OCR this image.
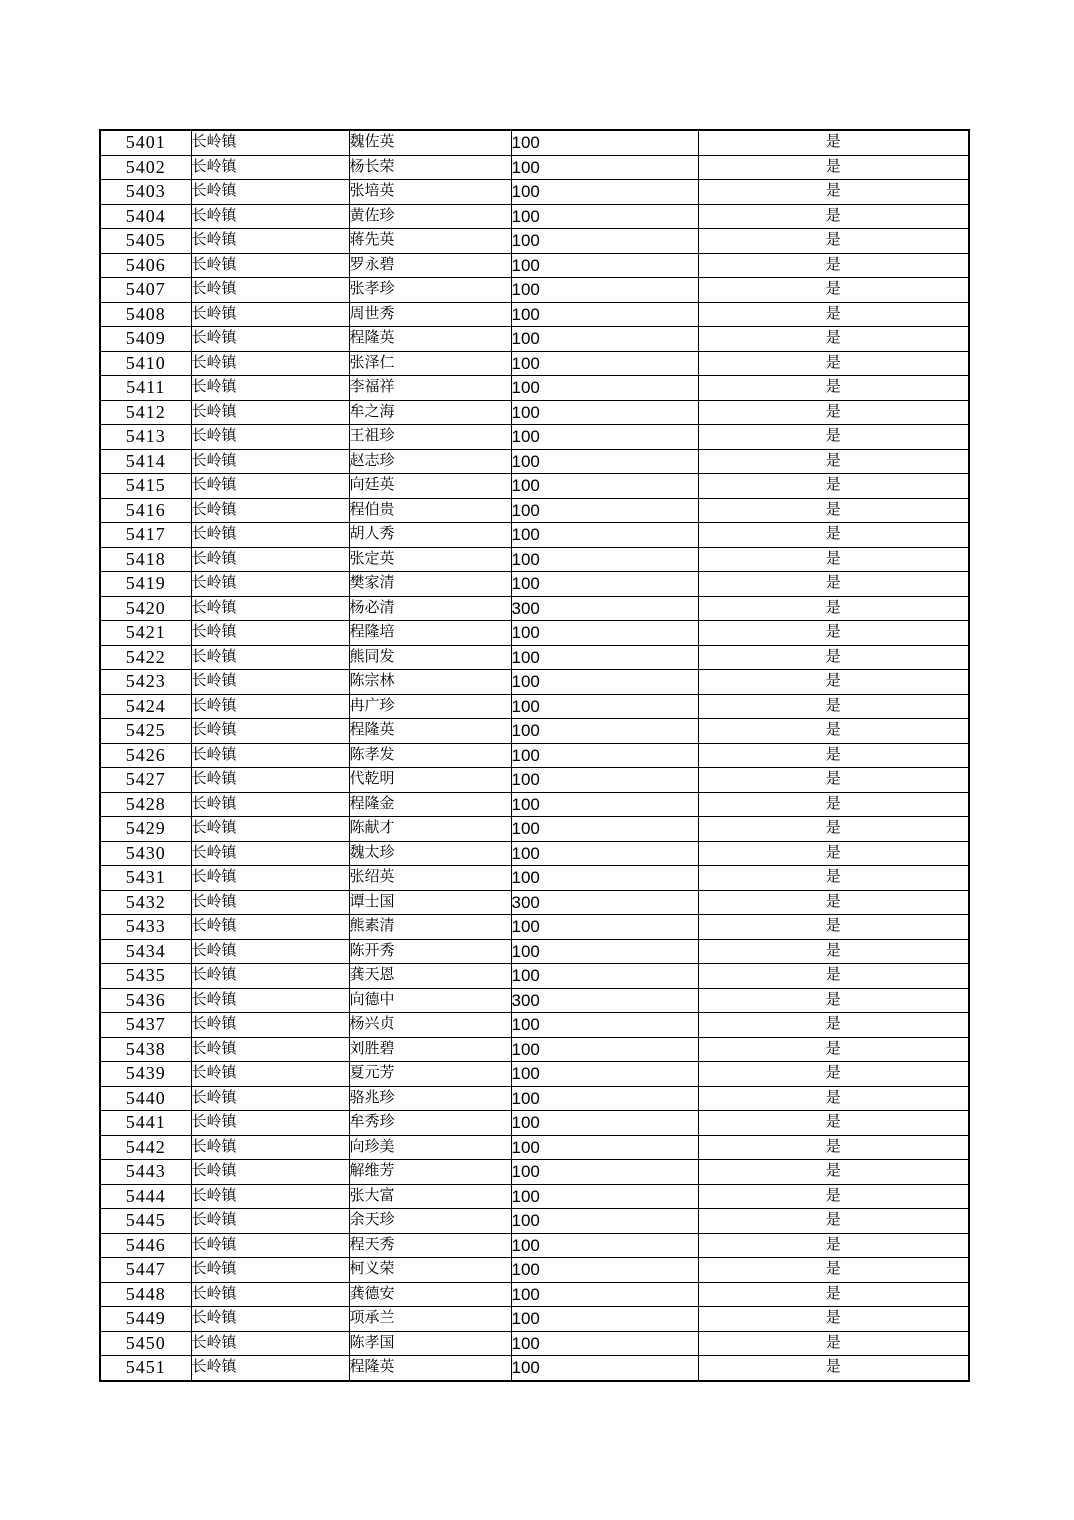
5401	长岭镇	魏佐英	100	是
5402	长岭镇	杨长荣	100	是
5403	长岭镇	张培英	100	是
5404	长岭镇	黄佐珍	100	是
5405	长岭镇	蒋先英	100	是
5406	长岭镇	罗永碧	100	是
5407	长岭镇	张孝珍	100	是
5408	长岭镇	周世秀	100	是
5409	长岭镇	程隆英	100	是
5410	长岭镇	张泽仁	100	是
5411	长岭镇	李福祥	100	是
5412	长岭镇	牟之海	100	是
5413	长岭镇	王祖珍	100	是
5414	长岭镇	赵志珍	100	是
5415	长岭镇	向廷英	100	是
5416	长岭镇	程伯贵	100	是
5417	长岭镇	胡人秀	100	是
5418	长岭镇	张定英	100	是
5419	长岭镇	樊家清	100	是
5420	长岭镇	杨必清	300	是
5421	长岭镇	程隆培	100	是
5422	长岭镇	熊同发	100	是
5423	长岭镇	陈宗林	100	是
5424	长岭镇	冉广珍	100	是
5425	长岭镇	程隆英	100	是
5426	长岭镇	陈孝发	100	是
5427	长岭镇	代乾明	100	是
5428	长岭镇	程隆金	100	是
5429	长岭镇	陈献才	100	是
5430	长岭镇	魏太珍	100	是
5431	长岭镇	张绍英	100	是
5432	长岭镇	谭士国	300	是
5433	长岭镇	熊素清	100	是
5434	长岭镇	陈开秀	100	是
5435	长岭镇	龚天恩	100	是
5436	长岭镇	向德中	300	是
5437	长岭镇	杨兴贞	100	是
5438	长岭镇	刘胜碧	100	是
5439	长岭镇	夏元芳	100	是
5440	长岭镇	骆兆珍	100	是
5441	长岭镇	牟秀珍	100	是
5442	长岭镇	向珍美	100	是
5443	长岭镇	解维芳	100	是
5444	长岭镇	张大富	100	是
5445	长岭镇	余天珍	100	是
5446	长岭镇	程天秀	100	是
5447	长岭镇	柯义荣	100	是
5448	长岭镇	龚德安	100	是
5449	长岭镇	项承兰	100	是
5450	长岭镇	陈孝国	100	是
5451	长岭镇	程隆英	100	是
